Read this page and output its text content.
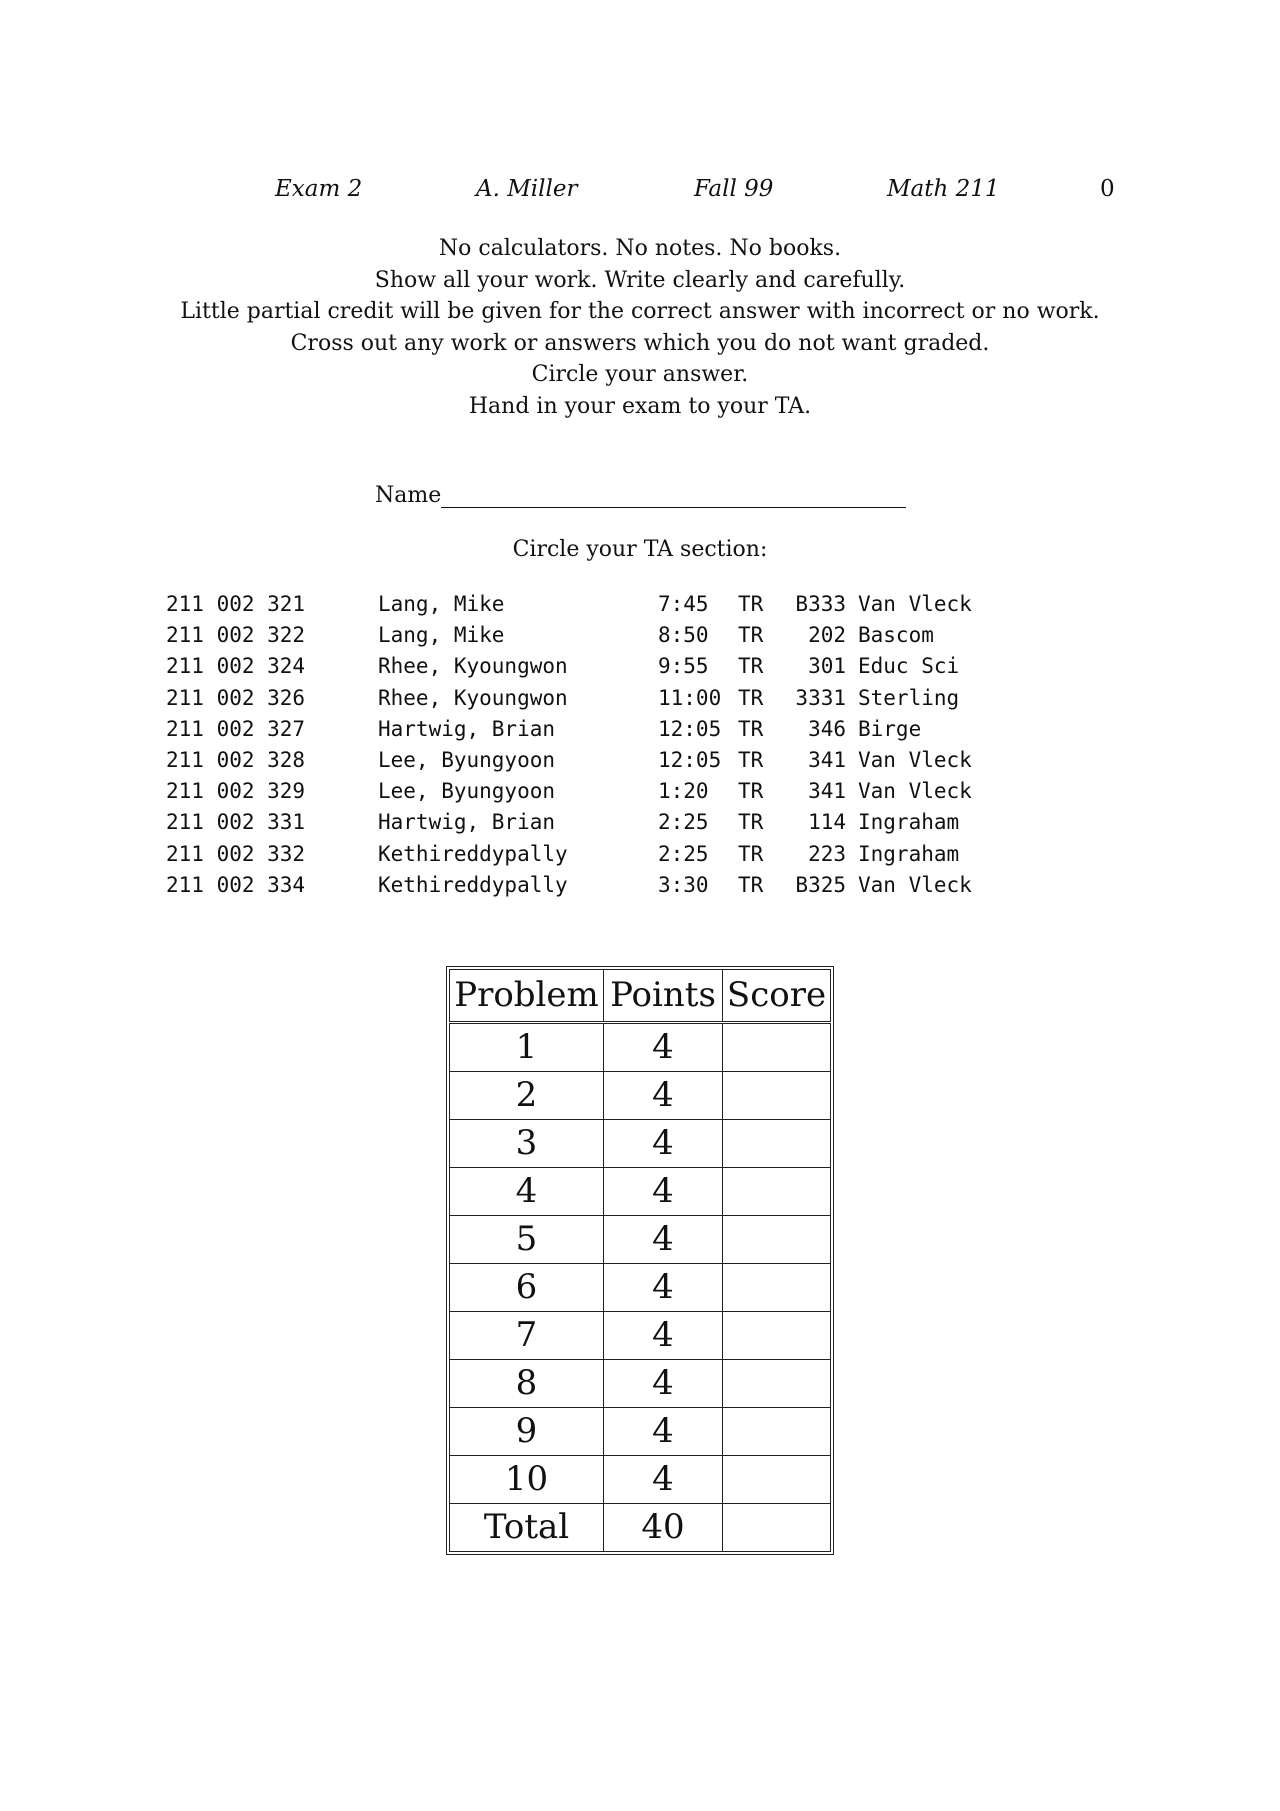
Exam 2	A. Miller	Fall 99	Math 211	0
No calculators. No notes. No books.
Show all your work. Write clearly and carefully.
Little partial credit will be given for the correct answer with incorrect or no work.
Cross out any work or answers which you do not want graded.
Circle your answer.
Hand in your exam to your TA.
Name
Circle your TA section:
211 002 321	Lang, Mike	7:45 TR B333 Van Vleck
211 002 322	Lang, Mike	8:50 TR	202 Bascom
211 002 324	Rhee, Kyoungwon	9:55 TR	301 Educ Sci
211 002 326	Rhee, Kyoungwon	11:00 TR 3331 Sterling
211 002 327	Hartwig, Brian	12:05 TR	346 Birge
211 002 328	Lee, Byungyoon	12:05 TR	341 Van Vleck
211 002 329	Lee, Byungyoon	1:20 TR	341 Van Vleck
211 002 331	Hartwig, Brian	2:25 TR	114 Ingraham
211 002 332	Kethireddypally	2:25 TR	223 Ingraham
211 002 334	Kethireddypally	3:30 TR B325 Van Vleck
Problem	Points	Score
1	4	
2	4	
3	4	
4	4	
5	4	
6	4	
7	4	
8	4	
9	4	
10	4	
Total	40	
